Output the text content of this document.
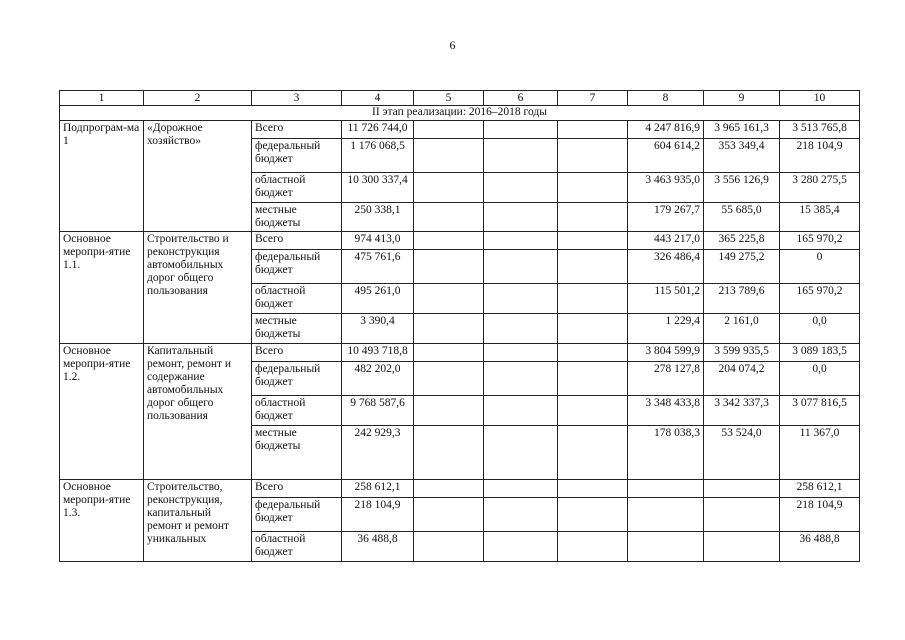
6
1	2	3	4	5	6	7	8	9	10
II этап реализации: 2016–2018 годы									
Подпрограм-ма 1	«Дорожное хозяйство»	Всего	11 726 744,0				4 247 816,9	3 965 161,3	3 513 765,8
		федеральный бюджет	1 176 068,5				604 614,2	353 349,4	218 104,9
		областной бюджет	10 300 337,4				3 463 935,0	3 556 126,9	3 280 275,5
		местные бюджеты	250 338,1				179 267,7	55 685,0	15 385,4
Основное меропри-ятие 1.1.	Строительство и реконструкция автомобильных дорог общего пользования	Всего	974 413,0				443 217,0	365 225,8	165 970,2
		федеральный бюджет	475 761,6				326 486,4	149 275,2	0
		областной бюджет	495 261,0				115 501,2	213 789,6	165 970,2
		местные бюджеты	3 390,4				1 229,4	2 161,0	0,0
Основное меропри-ятие 1.2.	Капитальный ремонт, ремонт и содержание автомобильных дорог общего пользования	Всего	10 493 718,8				3 804 599,9	3 599 935,5	3 089 183,5
		федеральный бюджет	482 202,0				278 127,8	204 074,2	0,0
		областной бюджет	9 768 587,6				3 348 433,8	3 342 337,3	3 077 816,5
		местные бюджеты	242 929,3				178 038,3	53 524,0	11 367,0
Основное меропри-ятие 1.3.	Строительство, реконструкция, капитальный ремонт и ремонт уникальных	Всего	258 612,1						258 612,1
		федеральный бюджет	218 104,9						218 104,9
		областной бюджет	36 488,8						36 488,8
